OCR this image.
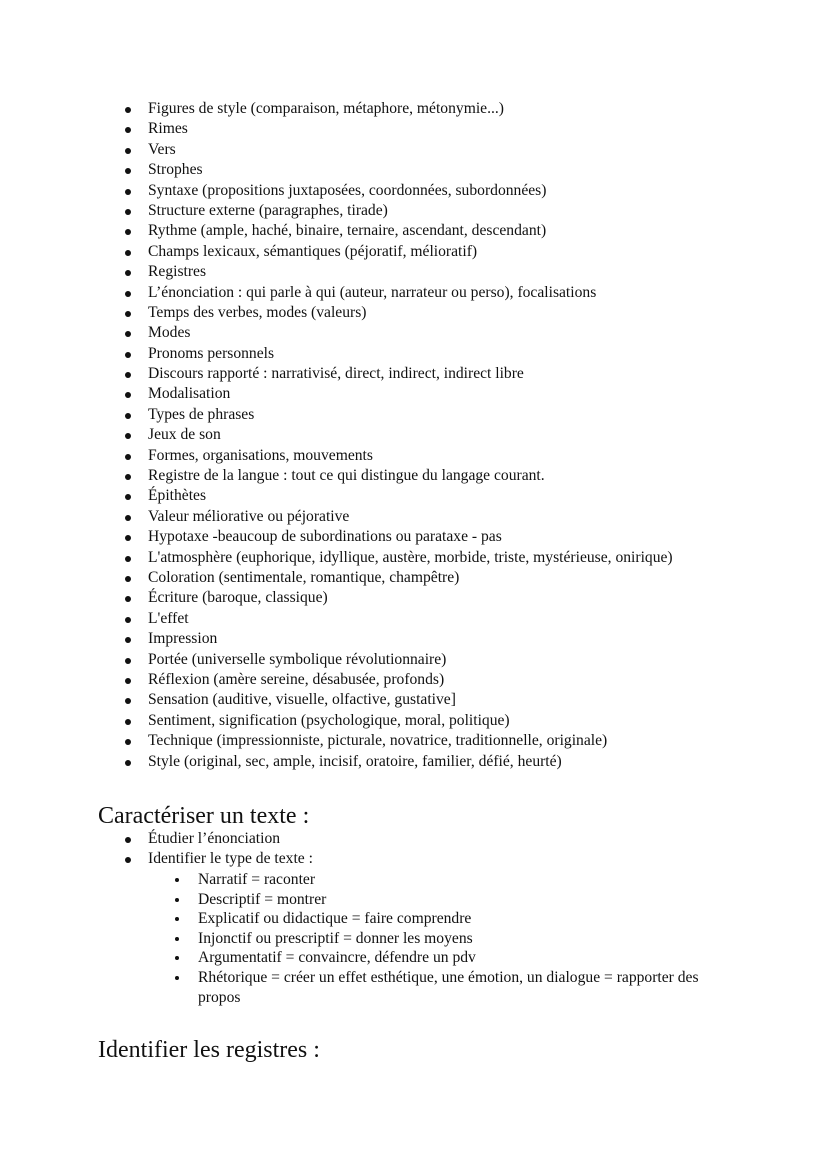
Figures de style (comparaison, métaphore, métonymie...)
Rimes
Vers
Strophes
Syntaxe (propositions juxtaposées, coordonnées, subordonnées)
Structure externe (paragraphes, tirade)
Rythme (ample, haché, binaire, ternaire, ascendant, descendant)
Champs lexicaux, sémantiques (péjoratif, mélioratif)
Registres
L’énonciation : qui parle à qui (auteur, narrateur ou perso), focalisations
Temps des verbes, modes (valeurs)
Modes
Pronoms personnels
Discours rapporté : narrativisé, direct, indirect, indirect libre
Modalisation
Types de phrases
Jeux de son
Formes, organisations, mouvements
Registre de la langue : tout ce qui distingue du langage courant.
Épithètes
Valeur méliorative ou péjorative
Hypotaxe -beaucoup de subordinations ou parataxe - pas
L'atmosphère (euphorique, idyllique, austère, morbide, triste, mystérieuse, onirique)
Coloration (sentimentale, romantique, champêtre)
Écriture (baroque, classique)
L'effet
Impression
Portée (universelle symbolique révolutionnaire)
Réflexion (amère sereine, désabusée, profonds)
Sensation (auditive, visuelle, olfactive, gustative]
Sentiment, signification (psychologique, moral, politique)
Technique (impressionniste, picturale, novatrice, traditionnelle, originale)
Style (original, sec, ample, incisif, oratoire, familier, défié, heurté)
Caractériser un texte :
Étudier l’énonciation
Identifier le type de texte :
Narratif = raconter
Descriptif = montrer
Explicatif ou didactique = faire comprendre
Injonctif ou prescriptif = donner les moyens
Argumentatif = convaincre, défendre un pdv
Rhétorique = créer un effet esthétique, une émotion, un dialogue = rapporter des propos
Identifier les registres :
